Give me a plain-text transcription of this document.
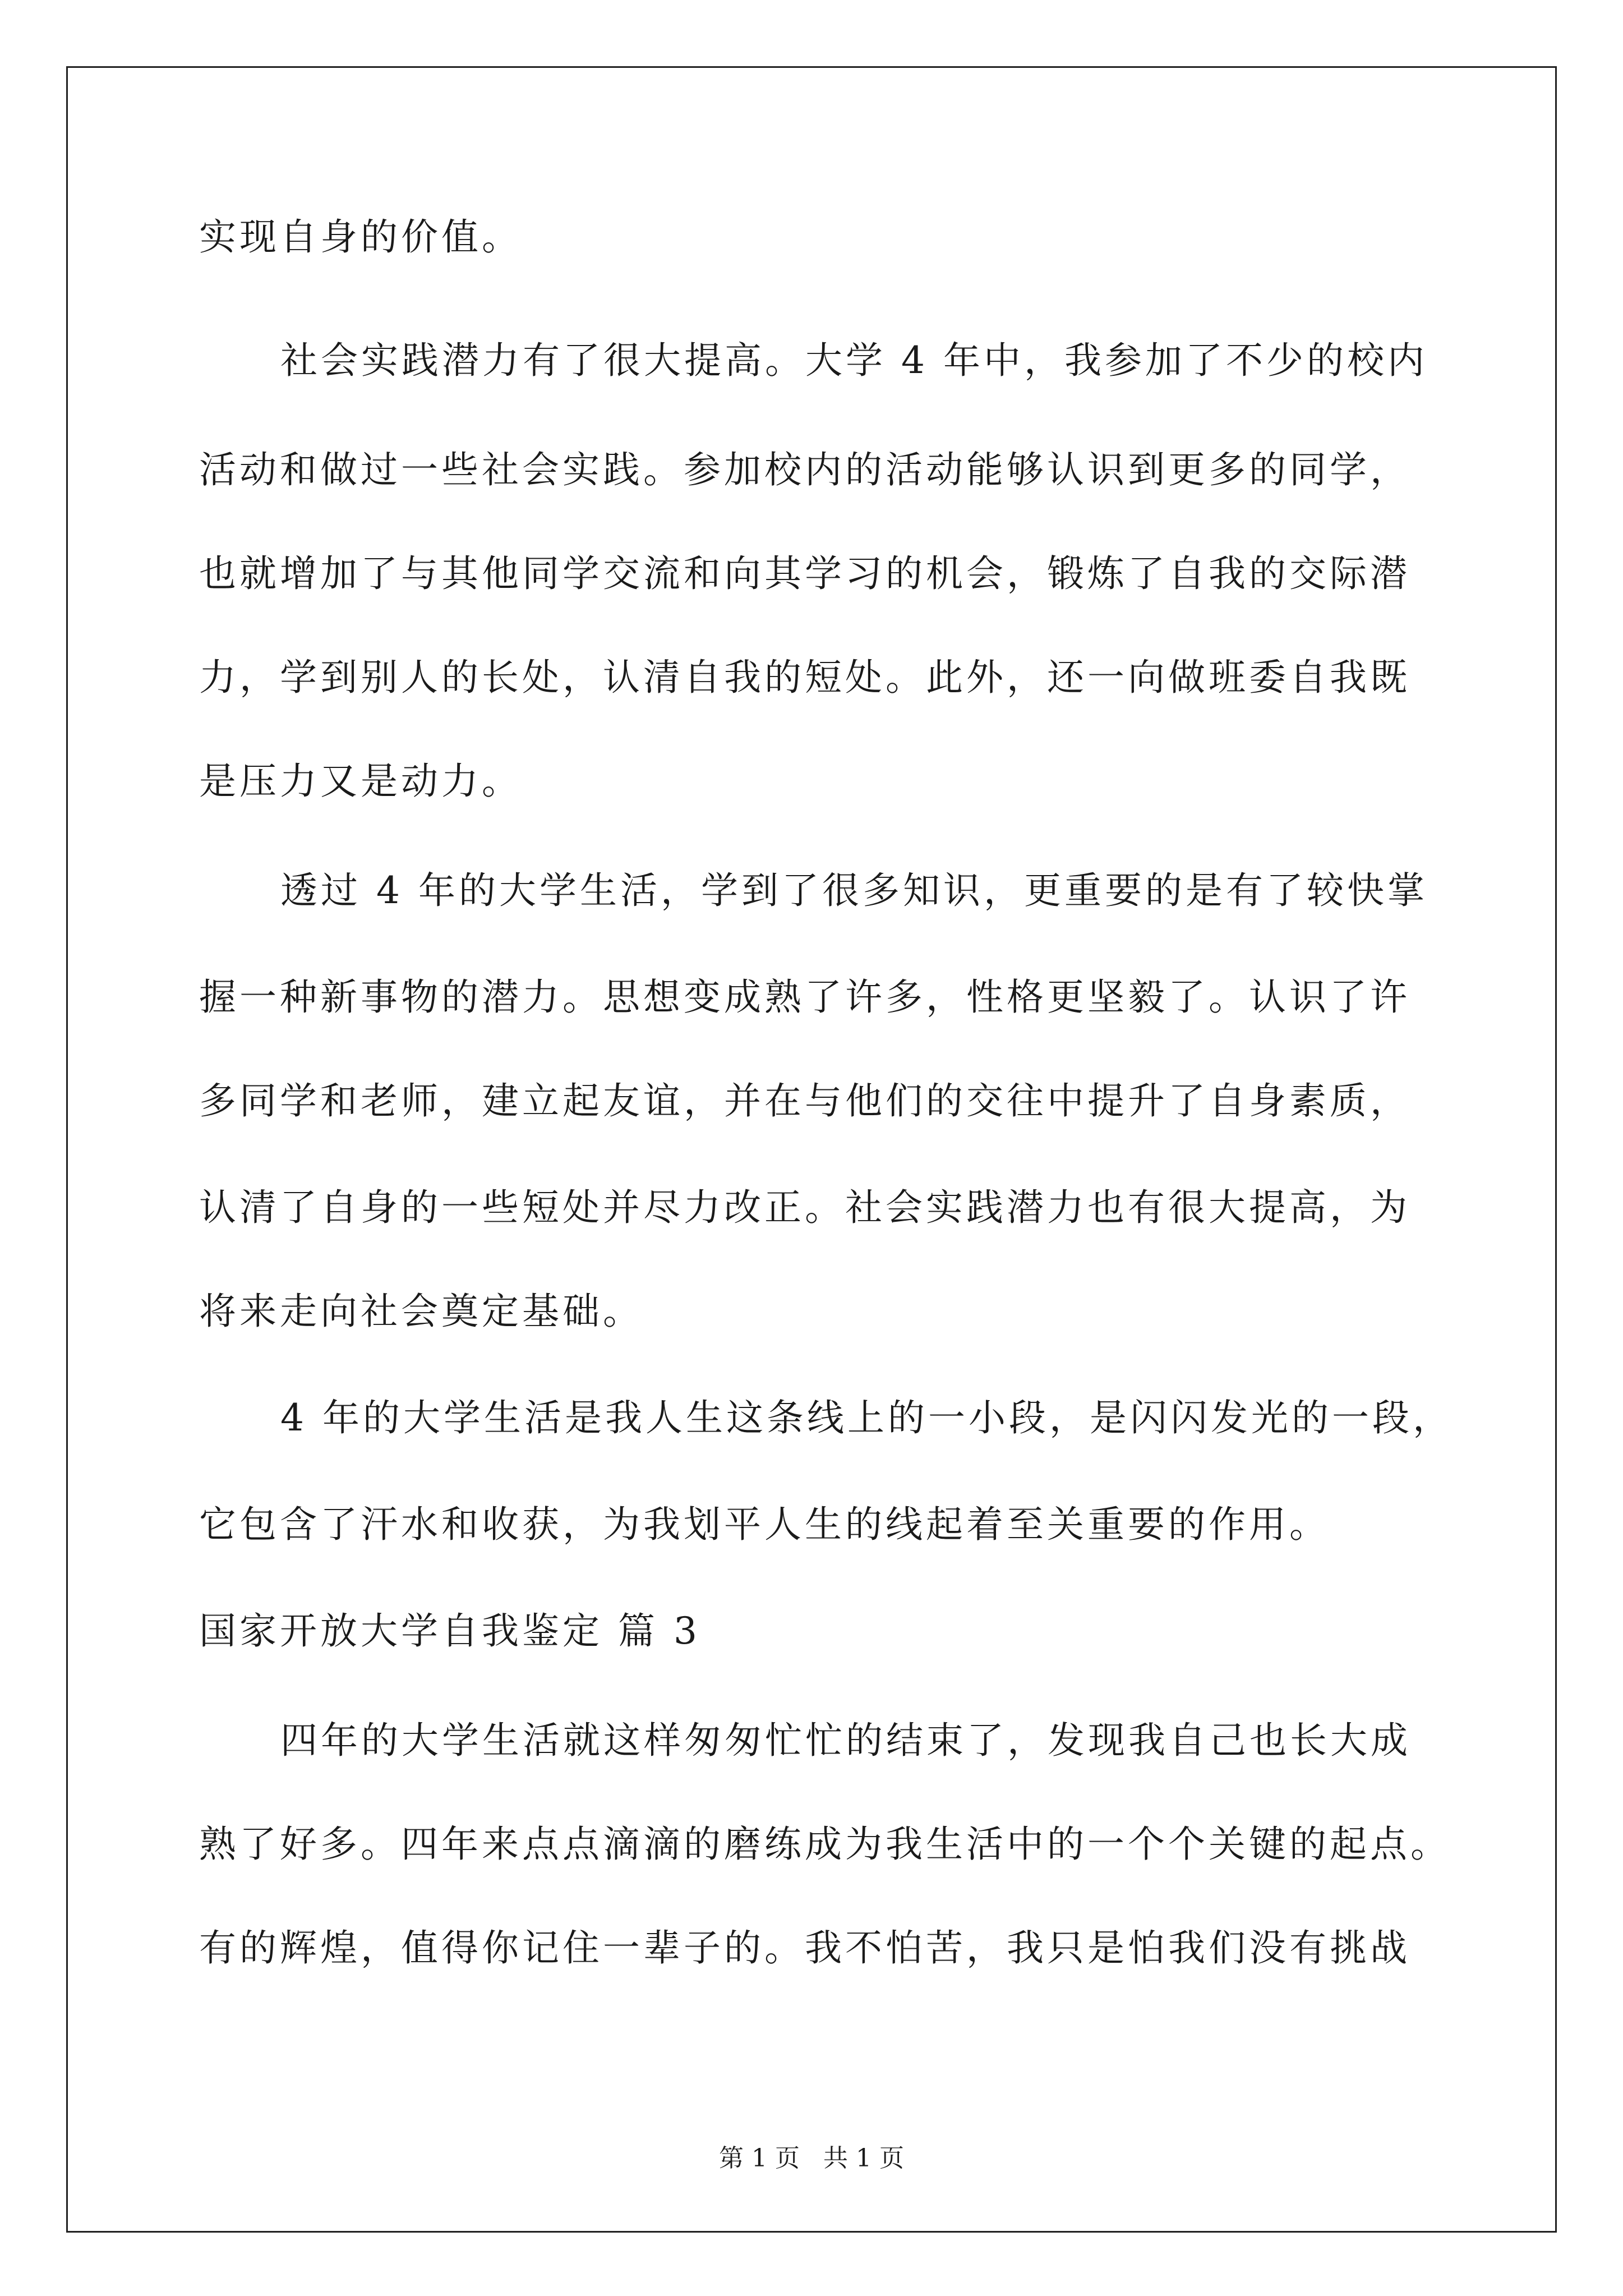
实现自身的价值。
社会实践潜力有了很大提高。大学 4 年中，我参加了不少的校内
活动和做过一些社会实践。参加校内的活动能够认识到更多的同学，
也就增加了与其他同学交流和向其学习的机会，锻炼了自我的交际潜
力，学到别人的长处，认清自我的短处。此外，还一向做班委自我既
是压力又是动力。
透过 4 年的大学生活，学到了很多知识，更重要的是有了较快掌
握一种新事物的潜力。思想变成熟了许多，性格更坚毅了。认识了许
多同学和老师，建立起友谊，并在与他们的交往中提升了自身素质，
认清了自身的一些短处并尽力改正。社会实践潜力也有很大提高，为
将来走向社会奠定基础。
4 年的大学生活是我人生这条线上的一小段，是闪闪发光的一段，
它包含了汗水和收获，为我划平人生的线起着至关重要的作用。
国家开放大学自我鉴定 篇 3
四年的大学生活就这样匆匆忙忙的结束了，发现我自己也长大成
熟了好多。四年来点点滴滴的磨练成为我生活中的一个个关键的起点。
有的辉煌，值得你记住一辈子的。我不怕苦，我只是怕我们没有挑战
第 1 页 共 1 页
